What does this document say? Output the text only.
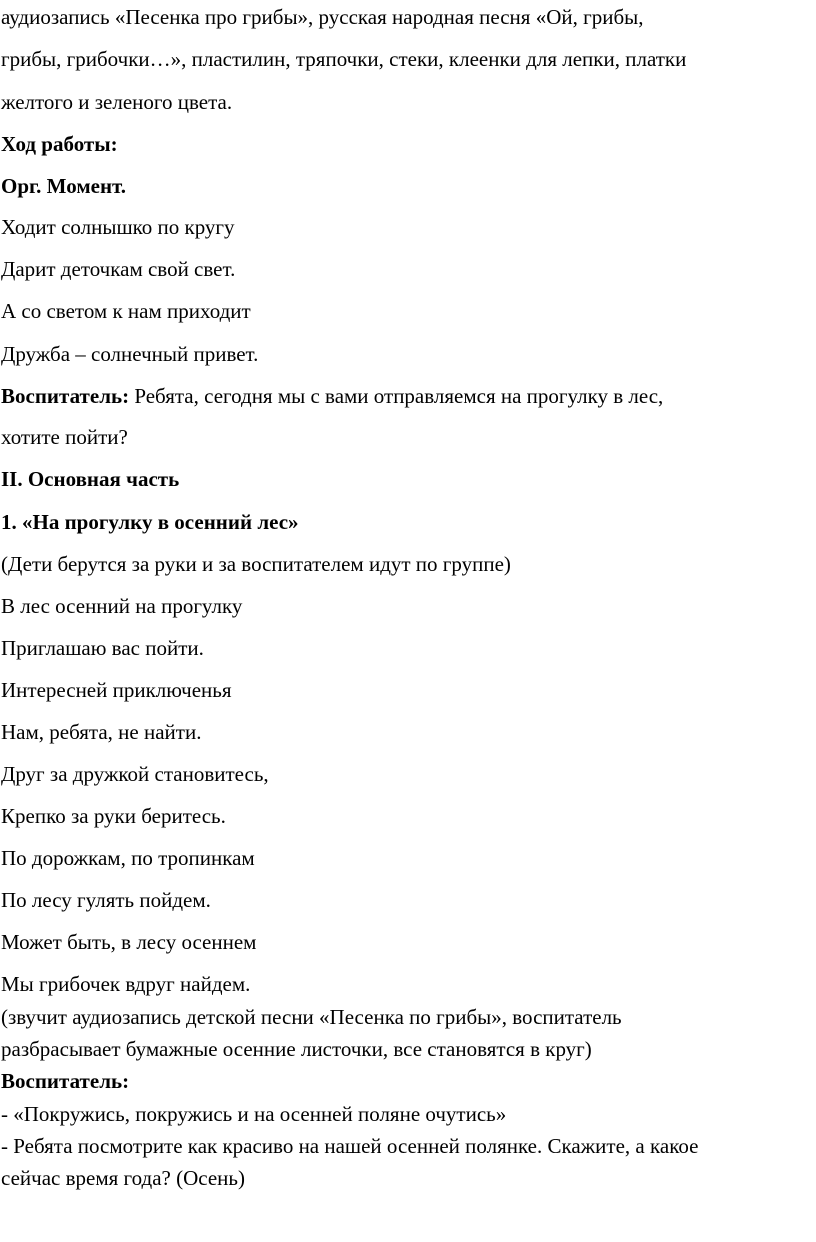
аудиозапись «Песенка про грибы», русская народная песня «Ой, грибы,
грибы, грибочки…», пластилин, тряпочки, стеки, клеенки для лепки, платки
желтого и зеленого цвета.
Ход работы:
Орг. Момент.
Ходит солнышко по кругу
Дарит деточкам свой свет.
А со светом к нам приходит
Дружба – солнечный привет.
Воспитатель: Ребята, сегодня мы с вами отправляемся на прогулку в лес,
хотите пойти?
II. Основная часть
1. «На прогулку в осенний лес»
(Дети берутся за руки и за воспитателем идут по группе)
В лес осенний на прогулку
Приглашаю вас пойти.
Интересней приключенья
Нам, ребята, не найти.
Друг за дружкой становитесь,
Крепко за руки беритесь.
По дорожкам, по тропинкам
По лесу гулять пойдем.
Может быть, в лесу осеннем
Мы грибочек вдруг найдем.
(звучит аудиозапись детской песни «Песенка по грибы», воспитатель
разбрасывает бумажные осенние листочки, все становятся в круг)
Воспитатель:
- «Покружись, покружись и на осенней поляне очутись»
- Ребята посмотрите как красиво на нашей осенней полянке. Скажите, а какое
сейчас время года? (Осень)
